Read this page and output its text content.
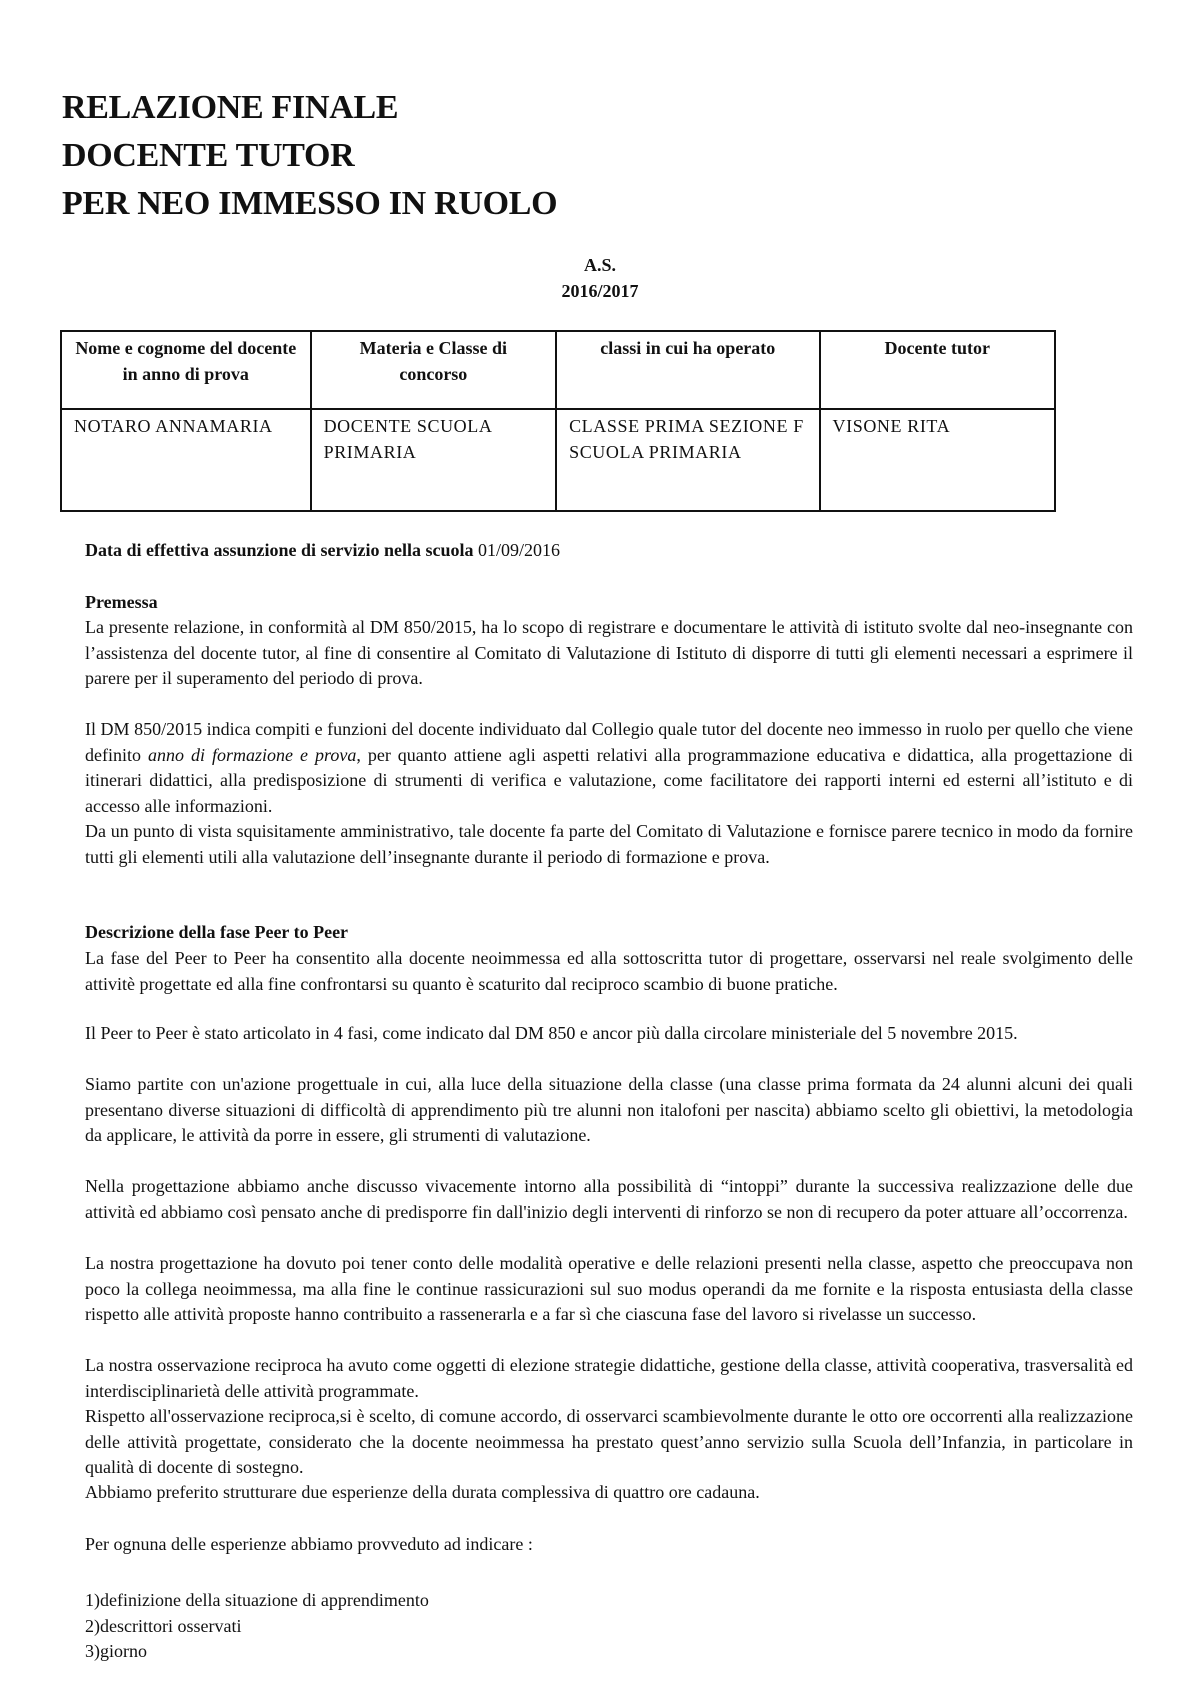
RELAZIONE FINALE
DOCENTE TUTOR
PER NEO IMMESSO IN RUOLO
A.S.
2016/2017
Nome e cognome del docente in anno di prova	Materia e Classe di concorso	classi in cui ha operato	Docente tutor
NOTARO ANNAMARIA	DOCENTE SCUOLA PRIMARIA	CLASSE PRIMA SEZIONE F SCUOLA PRIMARIA	VISONE RITA

Data di effettiva assunzione di servizio nella scuola 01/09/2016

Premessa

La presente relazione, in conformità al DM 850/2015, ha lo scopo di registrare e documentare le attività di istituto svolte dal neo-insegnante con l’assistenza del docente tutor, al fine di consentire al Comitato di Valutazione di Istituto di disporre di tutti gli elementi necessari a esprimere il parere per il superamento del periodo di prova.

Il DM 850/2015 indica compiti e funzioni del docente individuato dal Collegio quale tutor del docente neo immesso in ruolo per quello che viene definito anno di formazione e prova, per quanto attiene agli aspetti relativi alla programmazione educativa e didattica, alla progettazione di itinerari didattici, alla predisposizione di strumenti di verifica e valutazione, come facilitatore dei rapporti interni ed esterni all’istituto e di accesso alle informazioni.

Da un punto di vista squisitamente amministrativo, tale docente fa parte del Comitato di Valutazione e fornisce parere tecnico in modo da fornire tutti gli elementi utili alla valutazione dell’insegnante durante il periodo di formazione e prova.

Descrizione della fase Peer to Peer

La fase del Peer to Peer ha consentito alla docente neoimmessa ed alla sottoscritta tutor di progettare, osservarsi nel reale svolgimento delle attivitè progettate ed alla fine confrontarsi su quanto è scaturito dal reciproco scambio di buone pratiche.

Il Peer to Peer è stato articolato in 4 fasi, come indicato dal DM 850 e ancor più dalla circolare ministeriale del 5 novembre 2015.

Siamo partite con un'azione progettuale in cui, alla luce della situazione della classe (una classe prima formata da 24 alunni alcuni dei quali presentano diverse situazioni di difficoltà di apprendimento più tre alunni non italofoni per nascita) abbiamo scelto gli obiettivi, la metodologia da applicare, le attività da porre in essere, gli strumenti di valutazione.

Nella progettazione abbiamo anche discusso vivacemente intorno alla possibilità di “intoppi” durante la successiva realizzazione delle due attività ed abbiamo così pensato anche di predisporre fin dall'inizio degli interventi di rinforzo se non di recupero da poter attuare all’occorrenza.

La nostra progettazione ha dovuto poi tener conto delle modalità operative e delle relazioni presenti nella classe, aspetto che preoccupava non poco la collega neoimmessa, ma alla fine le continue rassicurazioni sul suo modus operandi da me fornite e la risposta entusiasta della classe rispetto alle attività proposte hanno contribuito a rassenerarla e a far sì che ciascuna fase del lavoro si rivelasse un successo.

La nostra osservazione reciproca ha avuto come oggetti di elezione strategie didattiche, gestione della classe, attività cooperativa, trasversalità ed interdisciplinarietà delle attività programmate.

Rispetto all'osservazione reciproca,si è scelto, di comune accordo, di osservarci scambievolmente durante le otto ore occorrenti alla realizzazione delle attività progettate, considerato che la docente neoimmessa ha prestato quest’anno servizio sulla Scuola dell’Infanzia, in particolare in qualità di docente di sostegno.

Abbiamo preferito strutturare due esperienze della durata complessiva di quattro ore cadauna.

Per ognuna delle esperienze abbiamo provveduto ad indicare :

1)definizione della situazione di apprendimento
2)descrittori osservati
3)giorno
